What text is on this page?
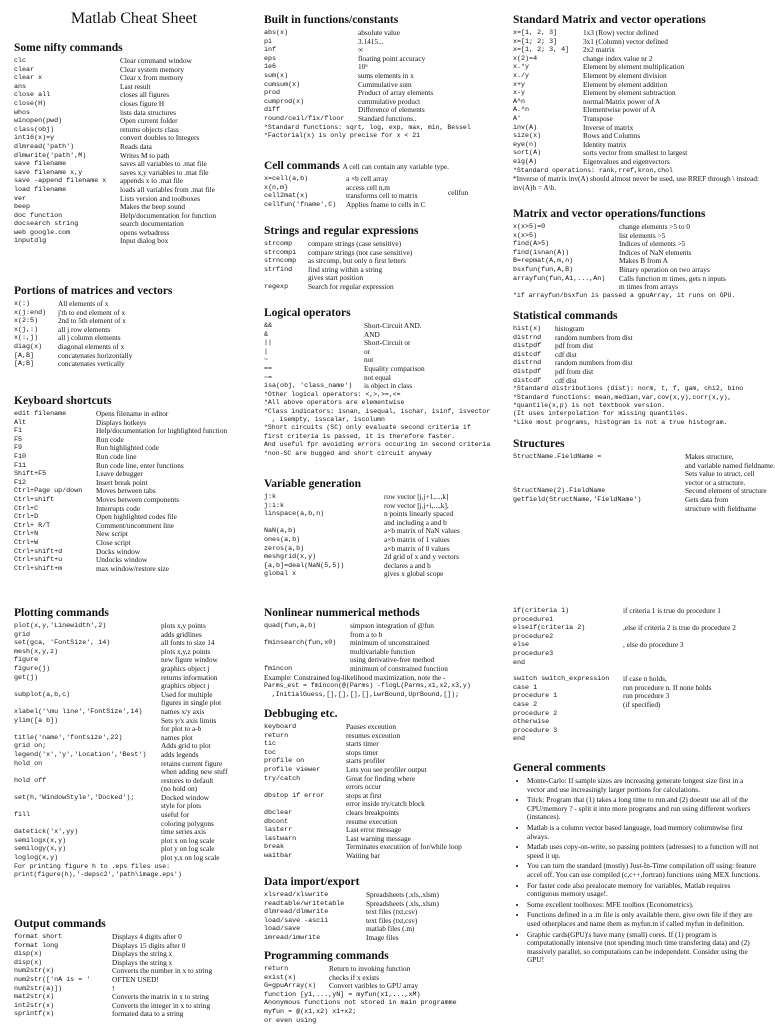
Matlab Cheat Sheet
Some nifty commands
clc	Clear command window
clear	Clear system memory
clear x	Clear x from memory
ans	Last result
close all	closes all figures
close(H)	closes figure H
whos	lists data structures
winopen(pwd)	Open current folder
class(obj)	returns objects class
int16(x)=y	convert doubles to Integers
dlmread('path')	Reads data
dlmwrite('path',M)	Writes M to path
save filename	saves all variables to .mat file
save filename x,y	saves x,y variables to .mat file
save -append filename x	appends x to .mat file
load filename	loads all variables from .mat file
ver	Lists version and toolboxes
beep	Makes the beep sound
doc function	Help/documentation for function
docsearch string	search documentation
web google.com	opens webadress
inputdlg	Input dialog box
Portions of matrices and vectors
x(:)	All elements of x
x(j:end)	j'th to end element of x
x(2:5)	2nd to 5th element of x
x(j,:)	all j row elements
x(:,j)	all j column elements
diag(x)	diagonal elements of x
[A,B]	concatenates horizontally
[A;B]	concatenates vertically
Keyboard shortcuts
edit filename	Opens filename in editor
Alt	Displays hotkeys
F1	Help/documentation for highlighted function
F5	Run code
F9	Run highlighted code
F10	Run code line
F11	Run code line, enter functions
Shift+F5	Leave debugger
F12	Insert break point
Ctrl+Page up/down	Moves between tabs
Ctrl+shift	Moves between components
Ctrl+C	Interrupts code
Ctrl+D	Open highlighted codes file
Ctrl+ R/T	Comment/uncomment line
Ctrl+N	New script
Ctrl+W	Close script
Ctrl+shift+d	Docks window
Ctrl+shift+u	Undocks window
Ctrl+shift+m	max window/restore size
Plotting commands
plot(x,y,'Linewidth',2)	plots x,y points
grid	adds gridlines
set(gca, 'FontSize', 14)	all fonts to size 14
mesh(x,y,z)	plots x,y,z points
figure	new figure window
figure(j)	graphics object j
get(j)	returns information
graphics object j
subplot(a,b,c)	Used for multiple
figures in single plot
xlabel('\mu line','FontSize',14)	names x/y axis
ylim([a b])	Sets y/x axis limits
for plot to a-b
title('name','fontsize',22)	names plot
grid on;	Adds grid to plot
legend('x','y','Location','Best')	adds legends
hold on	retains current figure
when adding new stuff
hold off	restores to default
(no hold on)
set(h,'WindowStyle','Docked');	Docked window
style for plots
fill	useful for
coloring polygons
datetick('x',yy)	time series axis
semilogx(x,y)	plot x on log scale
semilogy(x,y)	plot y on log scale
loglog(x,y)	plot y,x on log scale
For printing figure h to .eps files use:
print(figure(h),'-depsc2','path\image.eps')
Output commands
format short	Displays 4 digits after 0
format long	Displays 15 digits after 0
disp(x)	Displays the string x
disp(x)	Displays the string x
num2str(x)	Converts the number in x to string
num2str(['nA is = '	OFTEN USED!
num2str(a)])	!
mat2str(x)	Converts the matrix in x to string
int2str(x)	Converts the integer in x to string
sprintf(x)	formated data to a string
Built in functions/constants
abs(x)	absolute value
pi	3.1415...
inf	∞
eps	floating point accuracy
1e6	10⁶
sum(x)	sums elements in x
cumsum(x)	Cummulative sum
prod	Product of array elements
cumprod(x)	cummulative product
diff	Difference of elements
round/ceil/fix/floor	Standard functions..
*Standard functions: sqrt, log, exp, max, min, Bessel
*Factorial(x) is only precise for x < 21
Cell commands A cell can contain any variable type.
x=cell(a,b)	a ×b cell array
x{n,m}	access cell n,m
cell2mat(x)	transforms cell to matrix
cellfun('fname',C)	Applies fname to cells in C
cellfun
Strings and regular expressions
strcomp	compare strings (case sensitive)
strcompi	compare strings (not case sensitive)
strncomp	as strcomp, but only n first letters
strfind	find string within a string
gives start position
regexp	Search for regular expression
Logical operators
&&	Short-Circuit AND.
&	AND
||	Short-Circuit or
|	or
~	not
==	Equality comparison
~=	not equal
isa(obj, 'class_name')	is object in class
*Other logical operators: <,>,>=,<=
*All above operators are elementwise
*Class indicators: isnan, isequal, ischar, isinf, isvector
, isempty, isscalar, iscolumn
*Short circuits (SC) only evaluate second criteria if
first criteria is passed, it is therefore faster.
And useful fpr avoiding errors occuring in second criteria
*non-SC are bugged and short circuit anyway
Variable generation
j:k	row vector [j,j+1,...,k]
j:i:k	row vector [j,j+i,...,k],
linspace(a,b,n)	n points linearly spaced
and including a and b
NaN(a,b)	a×b matrix of NaN values
ones(a,b)	a×b matrix of 1 values
zeros(a,b)	a×b matrix of 0 values
meshgrid(x,y)	2d grid of x and y vectors
[a,b]=deal(NaN(5,5))	declares a and b
global x	gives x global scope
Nonlinear nummerical methods
quad(fun,a,b)	simpson integration of @fun
from a to b
fminsearch(fun,x0)	minimum of unconstrained
multivariable function
using derivative-free method
fmincon	minimum of constrained function
Example: Constrained log-likelihood maximization, note the -
Parms_est = fmincon(@(Parms) -flogL(Parms,x1,x2,x3,y)
,InitialGuess,[],[],[],[],LwrBound,UprBound,[]);
Debbuging etc.
keyboard	Pauses exceution
return	resumes exceution
tic	starts timer
toc	stops timer
profile on	starts profiler
profile viewer	Lets you see profiler output
try/catch	Great for finding where
errors occur
dbstop if error	stops at first
error inside try/catch block
dbclear	clears breakpoints
dbcont	resume execution
lasterr	Last error message
lastwarn	Last warning message
break	Terminates executiion of for/while loop
waitbar	Waiting bar
Data import/export
xlsread/xlswrite	Spreadsheets (.xls,.xlsm)
readtable/writetable	Spreadsheets (.xls,.xlsm)
dlmread/dlmwrite	text files (txt,csv)
load/save -ascii	text files (txt,csv)
load/save	matlab files (.m)
imread/imwrite	Image files
Programming commands
return	Return to invoking function
exist(x)	checks if x exists
G=gpuArray(x)	Convert varibles to GPU array
function [y1,...,yN] = myfun(x1,...,xM)
Anonymous functions not stored in main programme
myfun = @(x1,x2) x1+x2;
or even using
Standard Matrix and vector operations
x=[1, 2, 3]	1x3 (Row) vector defined
x=[1; 2; 3]	3x1 (Column) vector defined
x=[1, 2; 3, 4]	2x2 matrix
x(2)=4	change index value nr 2
x.*y	Element by element multiplication
x./y	Element by element division
x+y	Element by element addition
x-y	Element by element subtraction
A^n	normal/Matrix power of A
A.^n	Elementwise power of A
A'	Transpose
inv(A)	Inverse of matrix
size(x)	Rows and Columns
eye(n)	Identity matrix
sort(A)	sorts vector from smallest to largest
eig(A)	Eigenvalues and eigenvectors
*Standard operations: rank,rref,kron,chol
*Inverse of matrix inv(A) should almost never be used, use RREF through \ instead: inv(A)b = A\b.
Matrix and vector operations/functions
x(x>5)=0	change elements >5 to 0
x(x>5)	list elements >5
find(A>5)	Indices of elements >5
find(isnan(A))	Indices of NaN elements
B=repmat(A,m,n)	Makes B from A
bsxfun(fun,A,B)	Binary operation on two arrays
arrayfun(fun,A1,...,An)	Calls function m times, gets n inputs
m times from arrays
*if arrayfun/bsxfun is passed a gpuArray, it runs on GPU.
Statistical commands
hist(x)	histogram
distrnd	random numbers from dist
distpdf	pdf from dist
distcdf	cdf dist
distrnd	random numbers from dist
distpdf	pdf from dist
distcdf	cdf dist
*Standard distributions (dist): norm, t, f, gam, chi2, bino
*Standard functions: mean,median,var,cov(x,y),corr(x,y),
*quantile(x,p) is not textbook version.
(It uses interpolation for missing quantiles.
*Like most programs, histogram is not a true histogram.
Structures
StructName.FieldName =	Makes structure,
and variable named fieldname.
Sets value to struct, cell
vector or a structure.
StructName(2).FieldName	Second element of structure
getfield(StructName,'FieldName')	Gets data from
structure with fieldname
if(criteria 1)	if criteria 1 is true do procedure 1
procedure1
elseif(criteria 2)	,else if criteria 2 is true do procedure 2
procedure2
else	, else do procedure 3
procedure3
end
switch switch_expression	if case n holds,
case 1	run procedure n. If none holds
procedure 1	run procedure 3
case 2	(if specified)
procedure 2
otherwise
procedure 3
end
General comments
• Monte-Carlo: If sample sizes are increasing generate longest size first in a vector and use increasingly larger portions for calculations.
• Trick: Program that (1) takes a long time to run and (2) doesnt use all of the CPU/memory ? - split it into more programs and run using different workers (instances).
• Matlab is a column vector based language, load memory columnwise first always.
• Matlab uses copy-on-write, so passing pointers (adresses) to a function will not speed it up.
• You can turn the standard (mostly) Just-In-Time compilation off using: feature accel off. You can use compiled (c,c++,fortran) functions using MEX functions.
• For faster code also prealocate memory for variables, Matlab requires contiguous memory usage!.
• Some excellent toolboxes: MFE toolbox (Econometrics).
• Functions defined in a .m file is only available there, give own file if they are used otherplaces and name them as myfun.m if called myfun in definition.
• Graphic cards(GPU)'s have many (small) cores. If (1) program is computationally intensive (not spending much time transfering data) and (2) massively parallel, so computations can be independent. Consider using the GPU!
